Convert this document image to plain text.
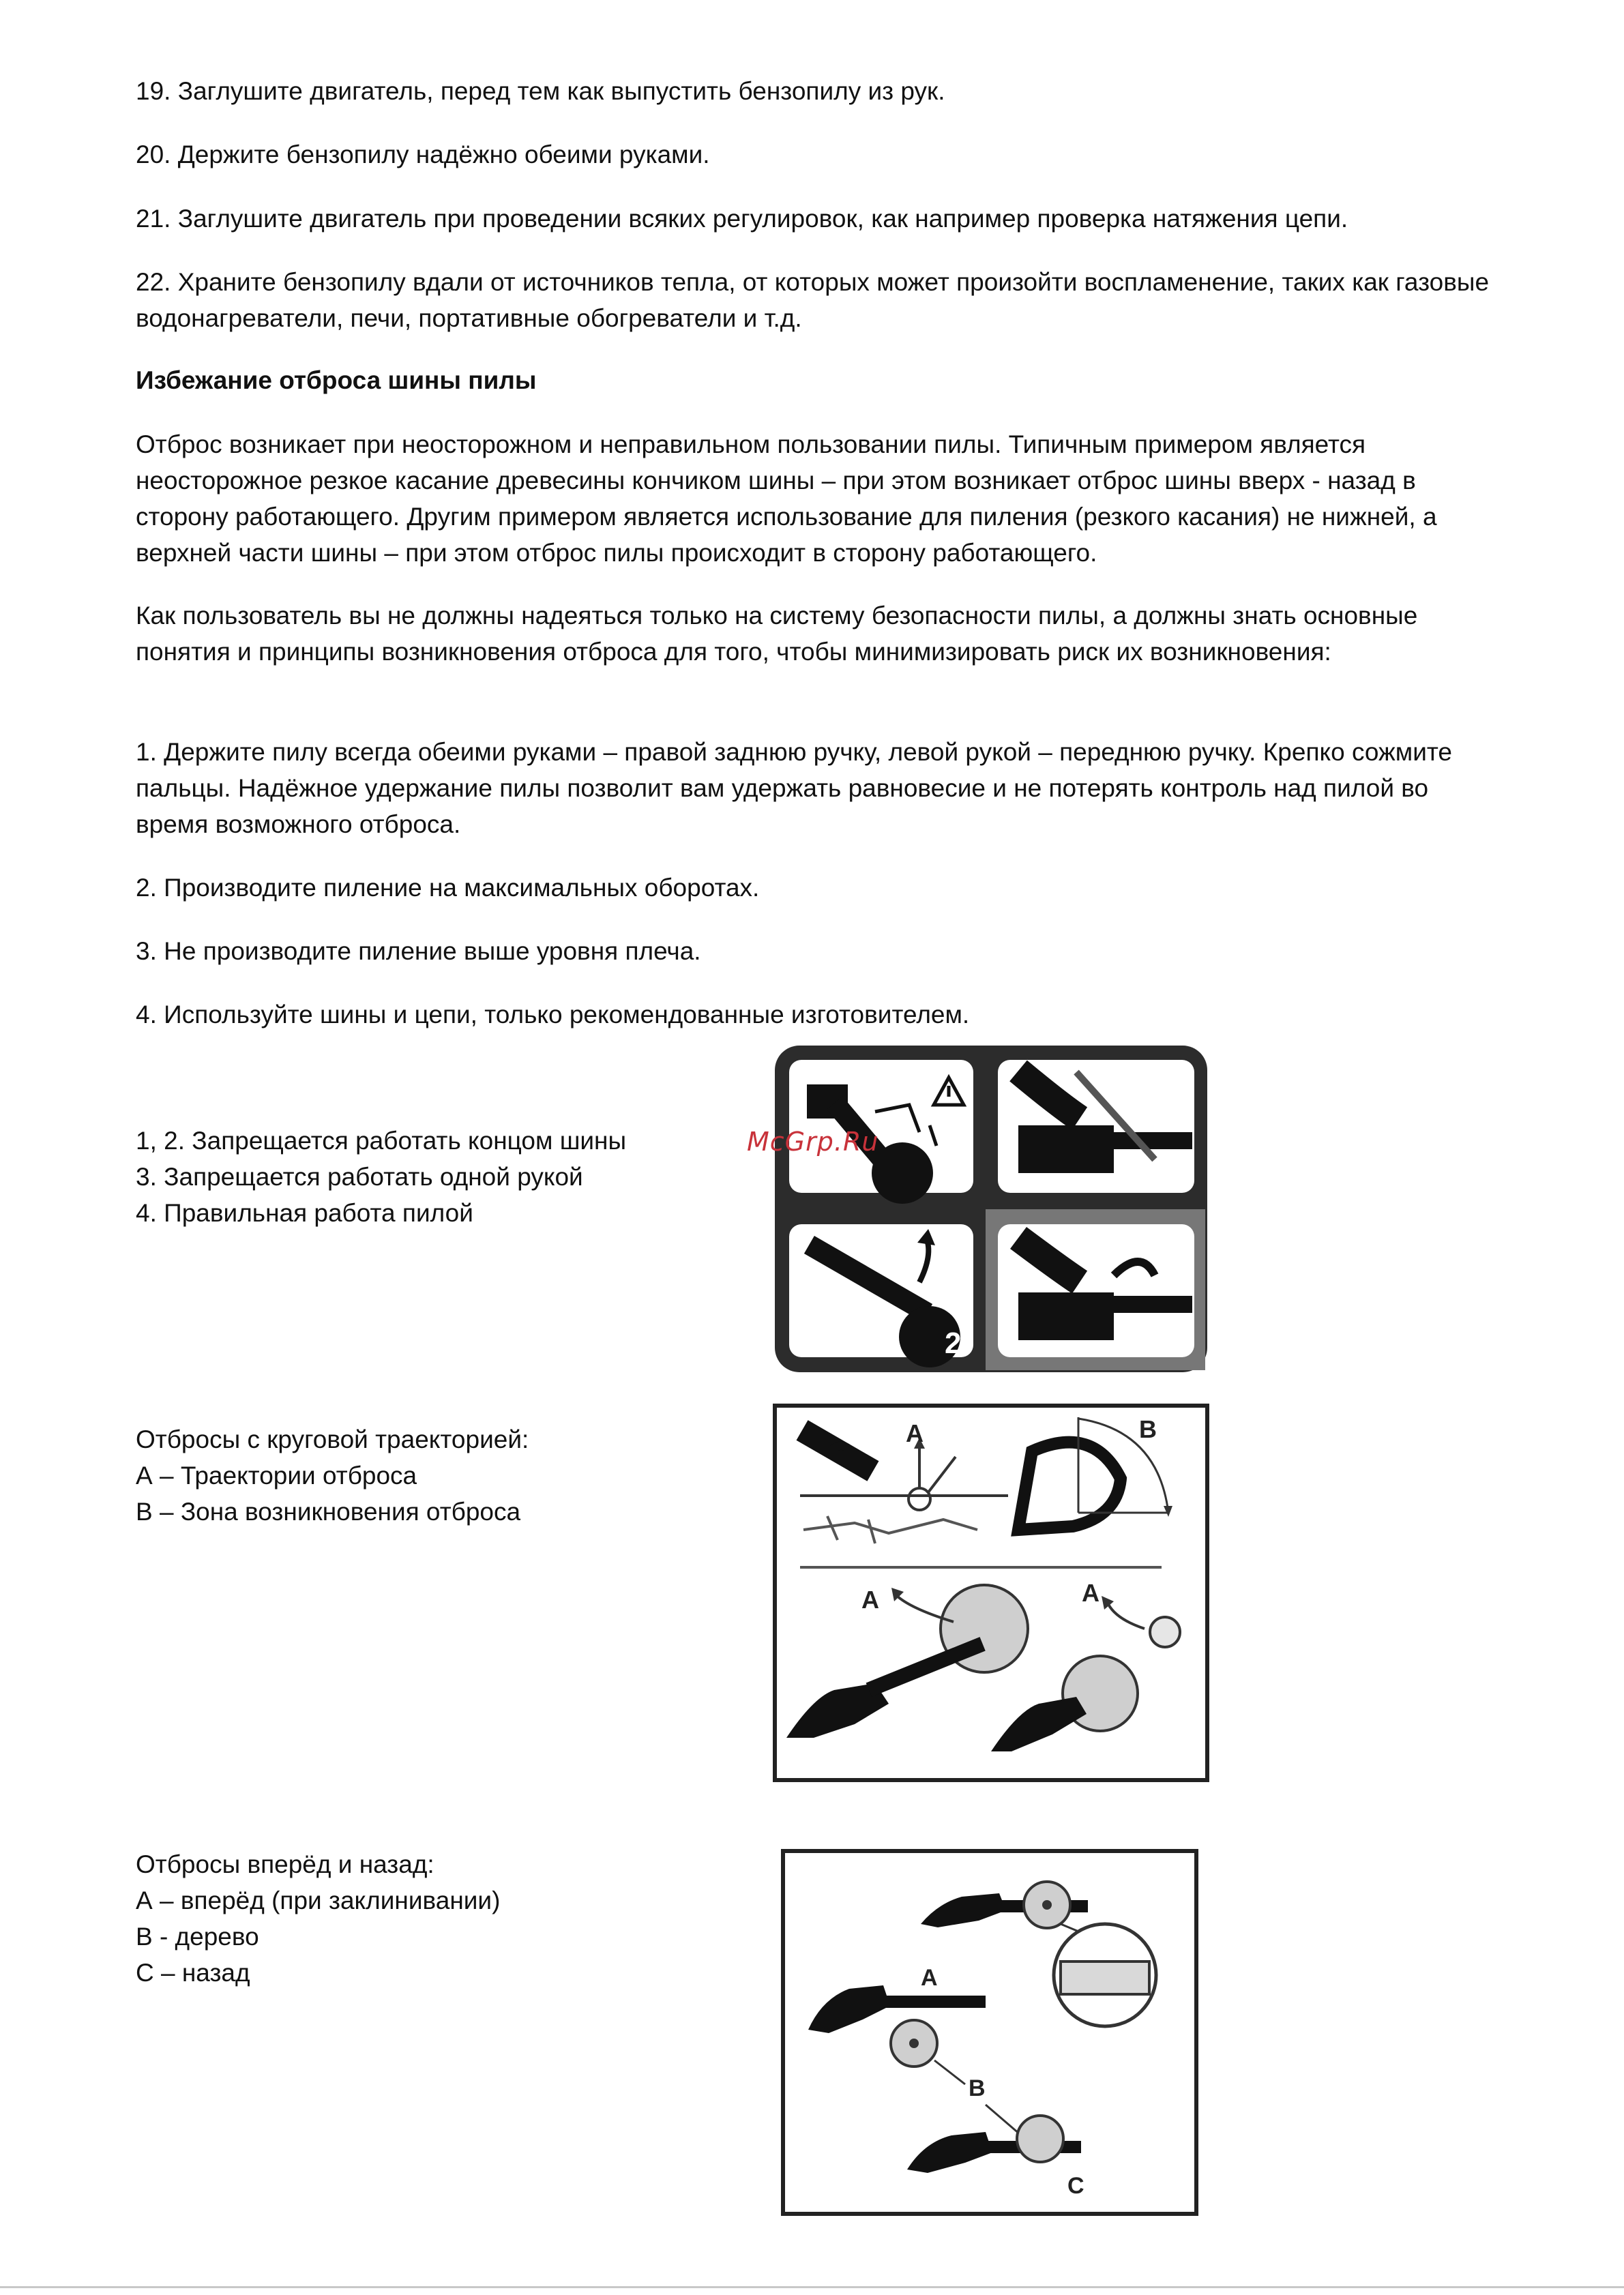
19. Заглушите двигатель, перед тем как выпустить бензопилу из рук.

20. Держите бензопилу надёжно обеими руками.

21. Заглушите двигатель при проведении всяких регулировок, как например проверка натяжения цепи.

22. Храните бензопилу вдали от источников тепла, от которых может произойти воспламенение, таких как газовые водонагреватели, печи, портативные обогреватели и т.д.

Избежание отброса шины пилы

Отброс возникает при неосторожном и неправильном пользовании пилы. Типичным примером является неосторожное резкое касание древесины кончиком шины – при этом возникает отброс шины вверх - назад в сторону работающего. Другим примером является использование для пиления (резкого касания) не нижней, а верхней части шины – при этом отброс пилы происходит в сторону работающего.

Как пользователь вы не должны надеяться только на систему безопасности пилы, а должны знать основные понятия и принципы возникновения отброса для того, чтобы минимизировать риск их возникновения:

1. Держите пилу всегда обеими руками – правой заднюю ручку, левой рукой – переднюю ручку. Крепко сожмите пальцы. Надёжное удержание пилы позволит вам удержать равновесие и не потерять контроль над пилой во время возможного отброса.

2. Производите пиление на максимальных оборотах.

3. Не производите пиление выше уровня плеча.

4. Используйте шины и цепи, только рекомендованные изготовителем.

1, 2. Запрещается работать концом шины
3. Запрещается работать одной рукой
4. Правильная работа пилой
1	3
2	4
McGrp.Ru
Отбросы с круговой траекторией:
А – Траектории отброса
В – Зона возникновения отброса
A	B
A	A
Отбросы вперёд и назад:
А – вперёд (при заклинивании)
В - дерево
С – назад	A
B
C
